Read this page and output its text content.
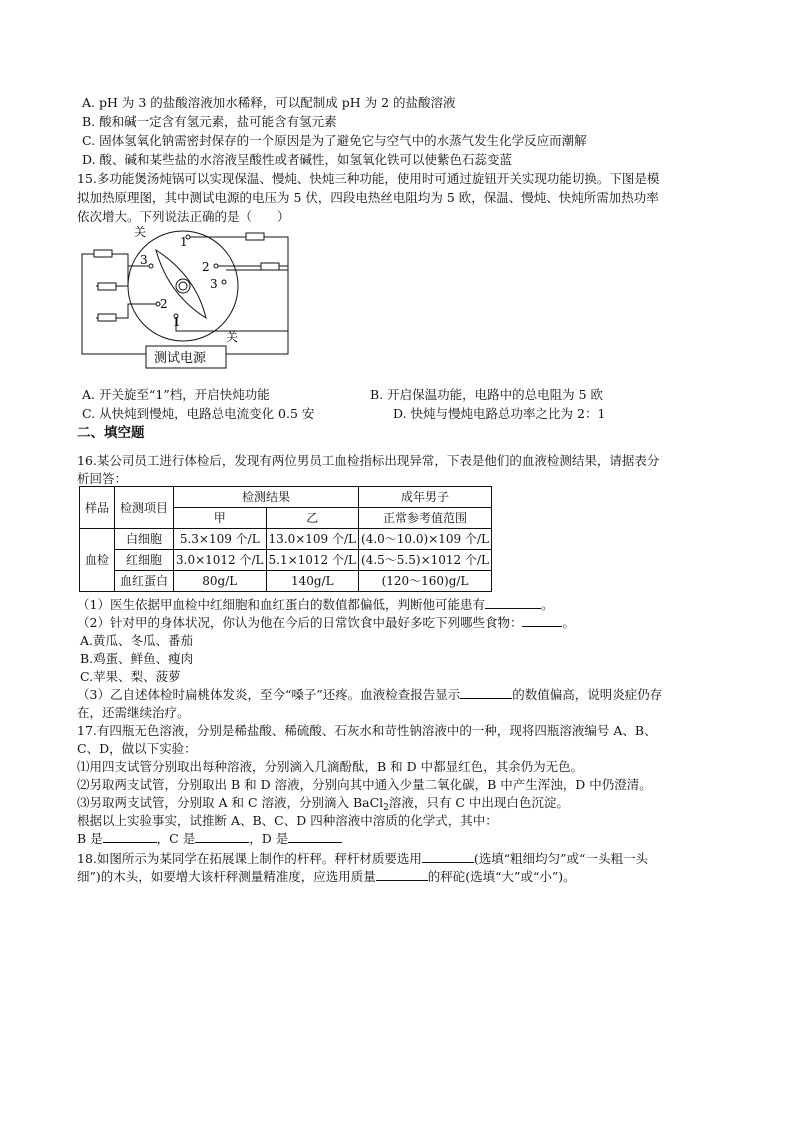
A. pH 为 3 的盐酸溶液加水稀释，可以配制成 pH 为 2 的盐酸溶液
B. 酸和碱一定含有氢元素，盐可能含有氢元素
C. 固体氢氧化钠需密封保存的一个原因是为了避免它与空气中的水蒸气发生化学反应而潮解
D. 酸、碱和某些盐的水溶液呈酸性或者碱性，如氢氧化铁可以使紫色石蕊变蓝
15.多功能煲汤炖锅可以实现保温、慢炖、快炖三种功能，使用时可通过旋钮开关实现功能切换。下图是模
拟加热原理图，其中测试电源的电压为 5 伏，四段电热丝电阻均为 5 欧，保温、慢炖、快炖所需加热功率
依次增大。下列说法正确的是（　　）
关
关
1
2
3
3
2
1
测试电源
A. 开关旋至“1”档，开启快炖功能	B. 开启保温功能，电路中的总电阻为 5 欧
C. 从快炖到慢炖，电路总电流变化 0.5 安	D. 快炖与慢炖电路总功率之比为 2：1
二、填空题
16.某公司员工进行体检后，发现有两位男员工血检指标出现异常，下表是他们的血液检测结果，请据表分
析回答：
样品	检测项目	检测结果		成年男子
		甲	乙	正常参考值范围
血检	白细胞	5.3×109 个/L	13.0×109 个/L	(4.0～10.0)×109 个/L
	红细胞	3.0×1012 个/L	5.1×1012 个/L	(4.5～5.5)×1012 个/L
	血红蛋白	80g/L	140g/L	(120～160)g/L
（1）医生依据甲血检中红细胞和血红蛋白的数值都偏低，判断他可能患有	。
（2）针对甲的身体状况，你认为他在今后的日常饮食中最好多吃下列哪些食物：	。
A.黄瓜、冬瓜、番茄
B.鸡蛋、鲜鱼、瘦肉
C.苹果、梨、菠萝
（3）乙自述体检时扁桃体发炎，至今“嗓子”还疼。血液检查报告显示	的数值偏高，说明炎症仍存
在，还需继续治疗。
17.有四瓶无色溶液，分别是稀盐酸、稀硫酸、石灰水和苛性钠溶液中的一种，现将四瓶溶液编号 A、B、
C、D，做以下实验：
⑴用四支试管分别取出每种溶液，分别滴入几滴酚酞，B 和 D 中都显红色，其余仍为无色。
⑵另取两支试管，分别取出 B 和 D 溶液，分别向其中通入少量二氧化碳，B 中产生浑浊，D 中仍澄清。
⑶另取两支试管，分别取 A 和 C 溶液，分别滴入 BaCl$_2$溶液，只有 C 中出现白色沉淀。
根据以上实验事实，试推断 A、B、C、D 四种溶液中溶质的化学式，其中：
B 是	，C 是	，D 是
18.如图所示为某同学在拓展课上制作的杆秤。秤杆材质要选用	(选填“粗细均匀”或“一头粗一头
细”)的木头，如要增大该杆秤测量精准度，应选用质量	的秤砣(选填“大”或“小”)。
